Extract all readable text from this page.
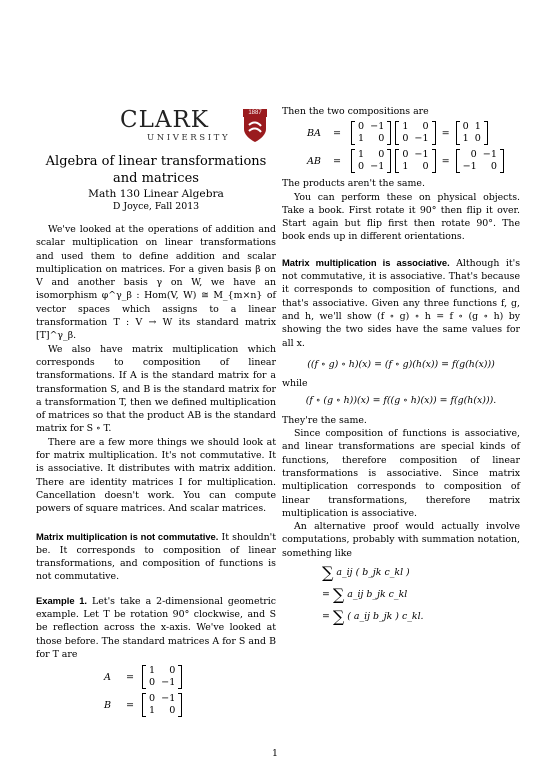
CLARK
UNIVERSITY
1887
Algebra of linear transformations and matrices
Math 130 Linear Algebra
D Joyce, Fall 2013

We've looked at the operations of addition and scalar multiplication on linear transformations and used them to define addition and scalar multiplication on matrices. For a given basis β on V and another basis γ on W, we have an isomorphism φ^γ_β : Hom(V, W) ≅ M_{m×n} of vector spaces which assigns to a linear transformation T : V → W its standard matrix [T]^γ_β.

We also have matrix multiplication which corresponds to composition of linear transformations. If A is the standard matrix for a transformation S, and B is the standard matrix for a transformation T, then we defined multiplication of matrices so that the product AB is the standard matrix for S ∘ T.

There are a few more things we should look at for matrix multiplication. It's not commutative. It is associative. It distributes with matrix addition. There are identity matrices I for multiplication. Cancellation doesn't work. You can compute powers of square matrices. And scalar matrices.

Matrix multiplication is not commutative. It shouldn't be. It corresponds to composition of linear transformations, and composition of functions is not commutative.

Example 1. Let's take a 2-dimensional geometric example. Let T be rotation 90° clockwise, and S be reflection across the x-axis. We've looked at those before. The standard matrices A for S and B for T are

A	=
1	0
0	−1
B	=
0	−1
1	0

Then the two compositions are

BA	=
0	−1
1	0
1	0
0	−1
=
0	1
1	0
AB	=
1	0
0	−1
0	−1
1	0
=
0	−1
−1	0

The products aren't the same.

You can perform these on physical objects. Take a book. First rotate it 90° then flip it over. Start again but flip first then rotate 90°. The book ends up in different orientations.

Matrix multiplication is associative. Although it's not commutative, it is associative. That's because it corresponds to composition of functions, and that's associative. Given any three functions f, g, and h, we'll show (f ∘ g) ∘ h = f ∘ (g ∘ h) by showing the two sides have the same values for all x.

((f ∘ g) ∘ h)(x) = (f ∘ g)(h(x)) = f(g(h(x)))

while

(f ∘ (g ∘ h))(x) = f((g ∘ h)(x)) = f(g(h(x))).

They're the same.

Since composition of functions is associative, and linear transformations are special kinds of functions, therefore composition of linear transformations is associative. Since matrix multiplication corresponds to composition of linear transformations, therefore matrix multiplication is associative.

An alternative proof would actually involve computations, probably with summation notation, something like

∑ a_ij ( b_jk c_kl )
= ∑ a_ij b_jk c_kl
= ∑ ( a_ij b_jk ) c_kl.
1
